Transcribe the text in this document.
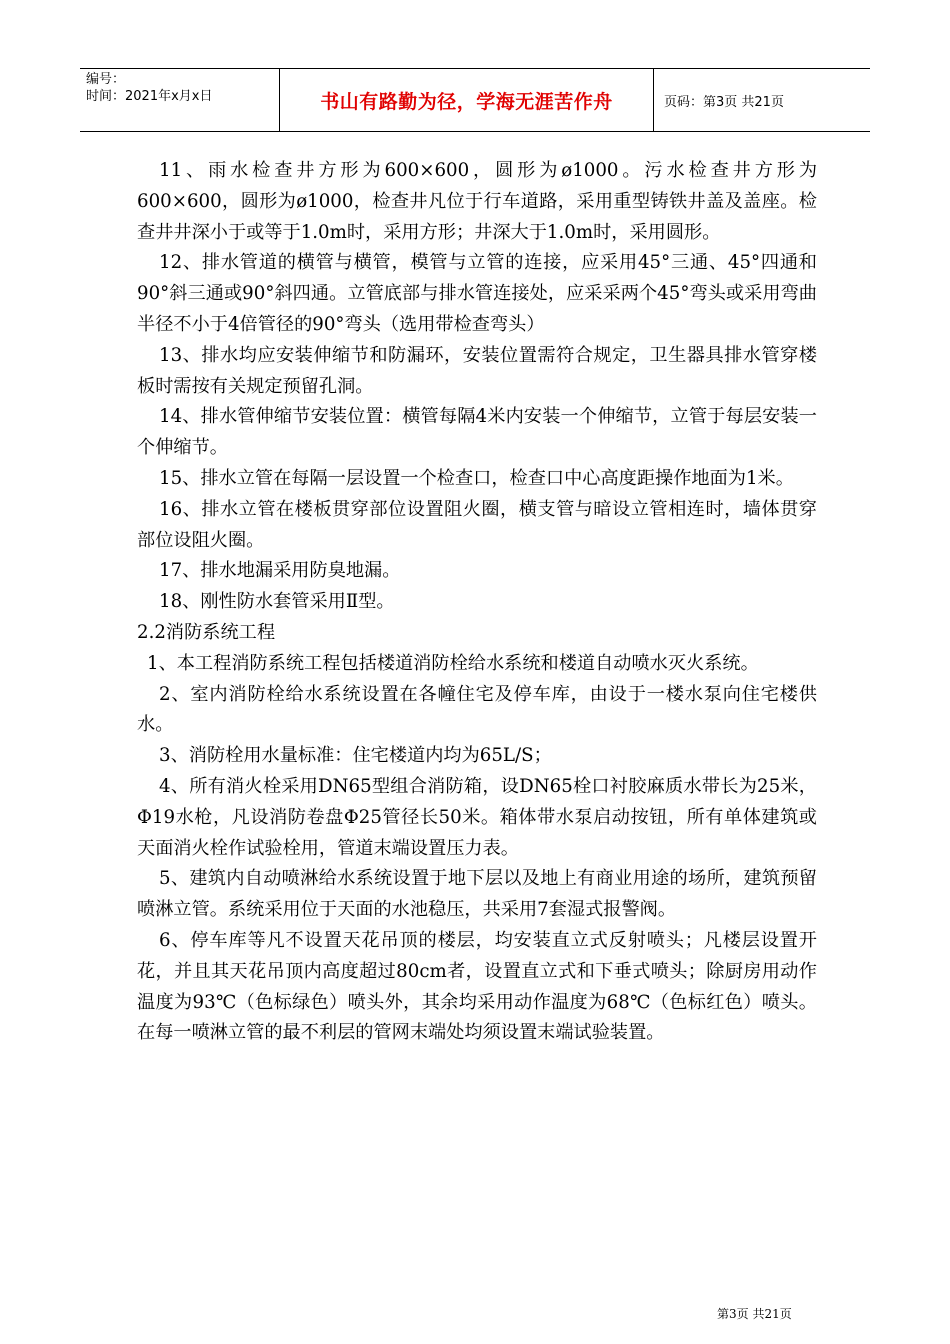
编号：
时间：2021年x月x日	书山有路勤为径，学海无涯苦作舟	页码：第3页 共21页

11、雨水检查井方形为600×600，圆形为ø1000。污水检查井方形为600×600，圆形为ø1000，检查井凡位于行车道路，采用重型铸铁井盖及盖座。检查井井深小于或等于1.0m时，采用方形；井深大于1.0m时，采用圆形。

12、排水管道的横管与横管，模管与立管的连接，应采用45°三通、45°四通和90°斜三通或90°斜四通。立管底部与排水管连接处，应采采两个45°弯头或采用弯曲半径不小于4倍管径的90°弯头（选用带检查弯头）

13、排水均应安装伸缩节和防漏环，安装位置需符合规定，卫生器具排水管穿楼板时需按有关规定预留孔洞。

14、排水管伸缩节安装位置：横管每隔4米内安装一个伸缩节，立管于每层安装一个伸缩节。

15、排水立管在每隔一层设置一个检查口，检查口中心高度距操作地面为1米。

16、排水立管在楼板贯穿部位设置阻火圈，横支管与暗设立管相连时，墙体贯穿部位设阻火圈。

17、排水地漏采用防臭地漏。

18、刚性防水套管采用Ⅱ型。

2.2消防系统工程

1、本工程消防系统工程包括楼道消防栓给水系统和楼道自动喷水灭火系统。

2、室内消防栓给水系统设置在各幢住宅及停车库，由设于一楼水泵向住宅楼供水。

3、消防栓用水量标准：住宅楼道内均为65L/S；

4、所有消火栓采用DN65型组合消防箱，设DN65栓口衬胶麻质水带长为25米，Φ19水枪，凡设消防卷盘Φ25管径长50米。箱体带水泵启动按钮，所有单体建筑或天面消火栓作试验栓用，管道末端设置压力表。

5、建筑内自动喷淋给水系统设置于地下层以及地上有商业用途的场所，建筑预留喷淋立管。系统采用位于天面的水池稳压，共采用7套湿式报警阀。

6、停车库等凡不设置天花吊顶的楼层，均安装直立式反射喷头；凡楼层设置开花，并且其天花吊顶内高度超过80cm者，设置直立式和下垂式喷头；除厨房用动作温度为93℃（色标绿色）喷头外，其余均采用动作温度为68℃（色标红色）喷头。在每一喷淋立管的最不利层的管网末端处均须设置末端试验装置。

第3页 共21页
